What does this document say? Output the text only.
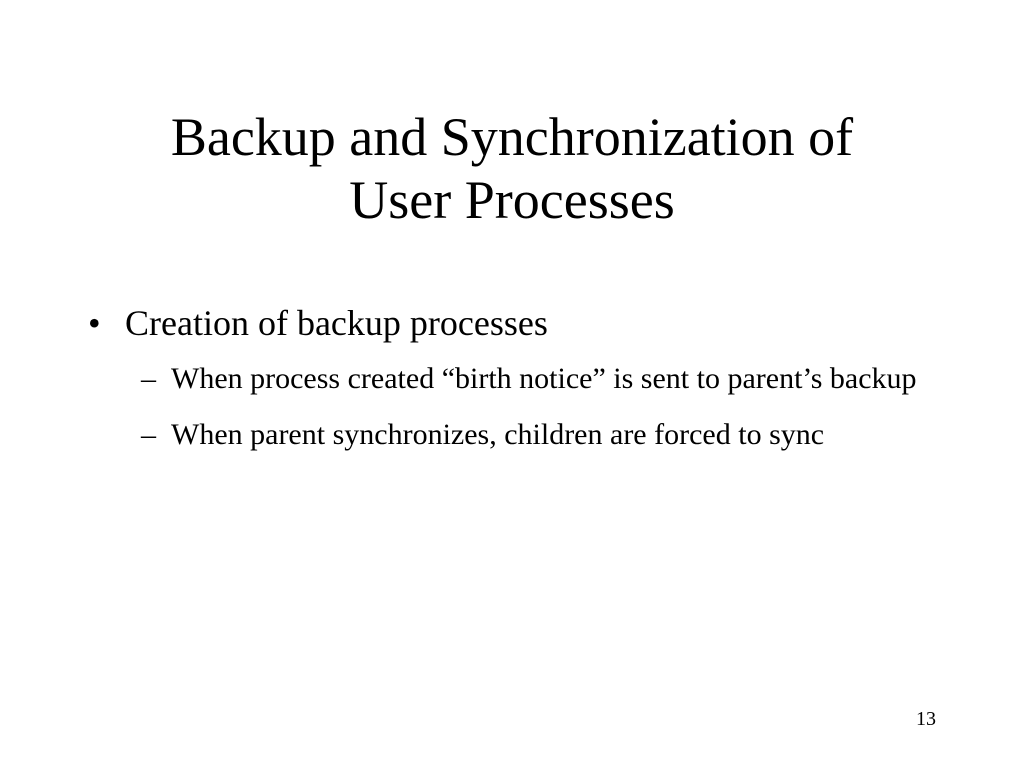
Backup and Synchronization of
User Processes
• Creation of backup processes
– When process created “birth notice” is sent to parent’s backup
– When parent synchronizes, children are forced to sync
13
